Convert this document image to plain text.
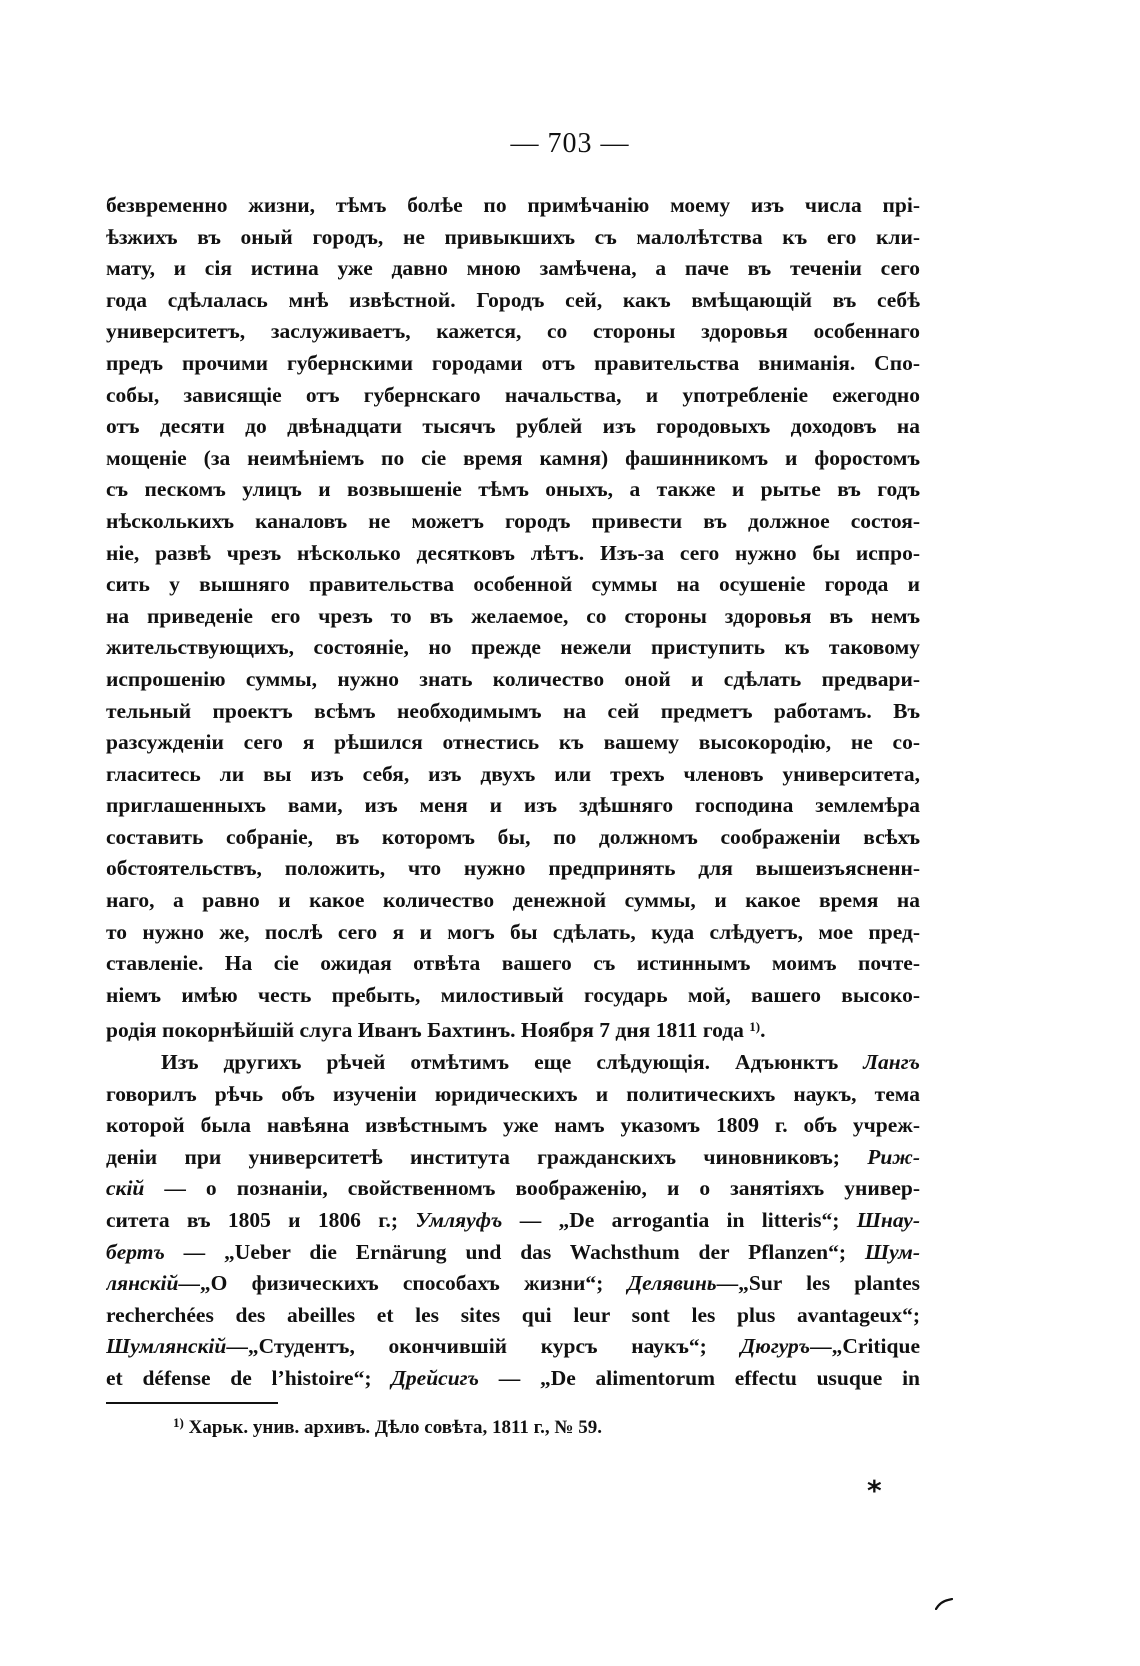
— 703 —
безвременно жизни, тѣмъ болѣе по примѣчанію моему изъ числа прі-
ѣзжихъ въ оный городъ, не привыкшихъ съ малолѣтства къ его кли-
мату, и сія истина уже давно мною замѣчена, а паче въ теченіи сего
года сдѣлалась мнѣ извѣстной. Городъ сей, какъ вмѣщающій въ себѣ
университетъ, заслуживаетъ, кажется, со стороны здоровья особеннаго
предъ прочими губернскими городами отъ правительства вниманія. Спо-
собы, зависящіе отъ губернскаго начальства, и употребленіе ежегодно
отъ десяти до двѣнадцати тысячъ рублей изъ городовыхъ доходовъ на
мощеніе (за неимѣніемъ по сіе время камня) фашинникомъ и форостомъ
съ пескомъ улицъ и возвышеніе тѣмъ оныхъ, а также и рытье въ годъ
нѣсколькихъ каналовъ не можетъ городъ привести въ должное состоя-
ніе, развѣ чрезъ нѣсколько десятковъ лѣтъ. Изъ-за сего нужно бы испро-
сить у вышняго правительства особенной суммы на осушеніе города и
на приведеніе его чрезъ то въ желаемое, со стороны здоровья въ немъ
жительствующихъ, состояніе, но прежде нежели приступить къ таковому
испрошенію суммы, нужно знать количество оной и сдѣлать предвари-
тельный проектъ всѣмъ необходимымъ на сей предметъ работамъ. Въ
разсужденіи сего я рѣшился отнестись къ вашему высокородію, не со-
гласитесь ли вы изъ себя, изъ двухъ или трехъ членовъ университета,
приглашенныхъ вами, изъ меня и изъ здѣшняго господина землемѣра
составить собраніе, въ которомъ бы, по должномъ соображеніи всѣхъ
обстоятельствъ, положить, что нужно предпринять для вышеизъясненн-
наго, а равно и какое количество денежной суммы, и какое время на
то нужно же, послѣ сего я и могъ бы сдѣлать, куда слѣдуетъ, мое пред-
ставленіе. На сіе ожидая отвѣта вашего съ истиннымъ моимъ почте-
ніемъ имѣю честь пребыть, милостивый государь мой, вашего высоко-
родія покорнѣйшій слуга Иванъ Бахтинъ. Ноября 7 дня 1811 года $^{1)}$.
Изъ другихъ рѣчей отмѣтимъ еще слѣдующія. Адъюнктъ Лангъ
говорилъ рѣчь объ изученіи юридическихъ и политическихъ наукъ, тема
которой была навѣяна извѣстнымъ уже намъ указомъ 1809 г. объ учреж-
деніи при университетѣ института гражданскихъ чиновниковъ; Риж-
скій — о познаніи, свойственномъ воображенію, и о занятіяхъ универ-
ситета въ 1805 и 1806 г.; Умляуфъ — „De arrogantia in litteris“; Шнау-
бертъ — „Ueber die Ernärung und das Wachsthum der Pflanzen“; Шум-
лянскій—„О физическихъ способахъ жизни“; Делявинь—„Sur les plantes
recherchées des abeilles et les sites qui leur sont les plus avantageux“;
Шумлянскій—„Студентъ, окончившій курсъ наукъ“; Дюгуръ—„Critique
et défense de l’histoire“; Дрейсигъ — „De alimentorum effectu usuque in
$^{1)}$ Харьк. унив. архивъ. Дѣло совѣта, 1811 г., № 59.
*
